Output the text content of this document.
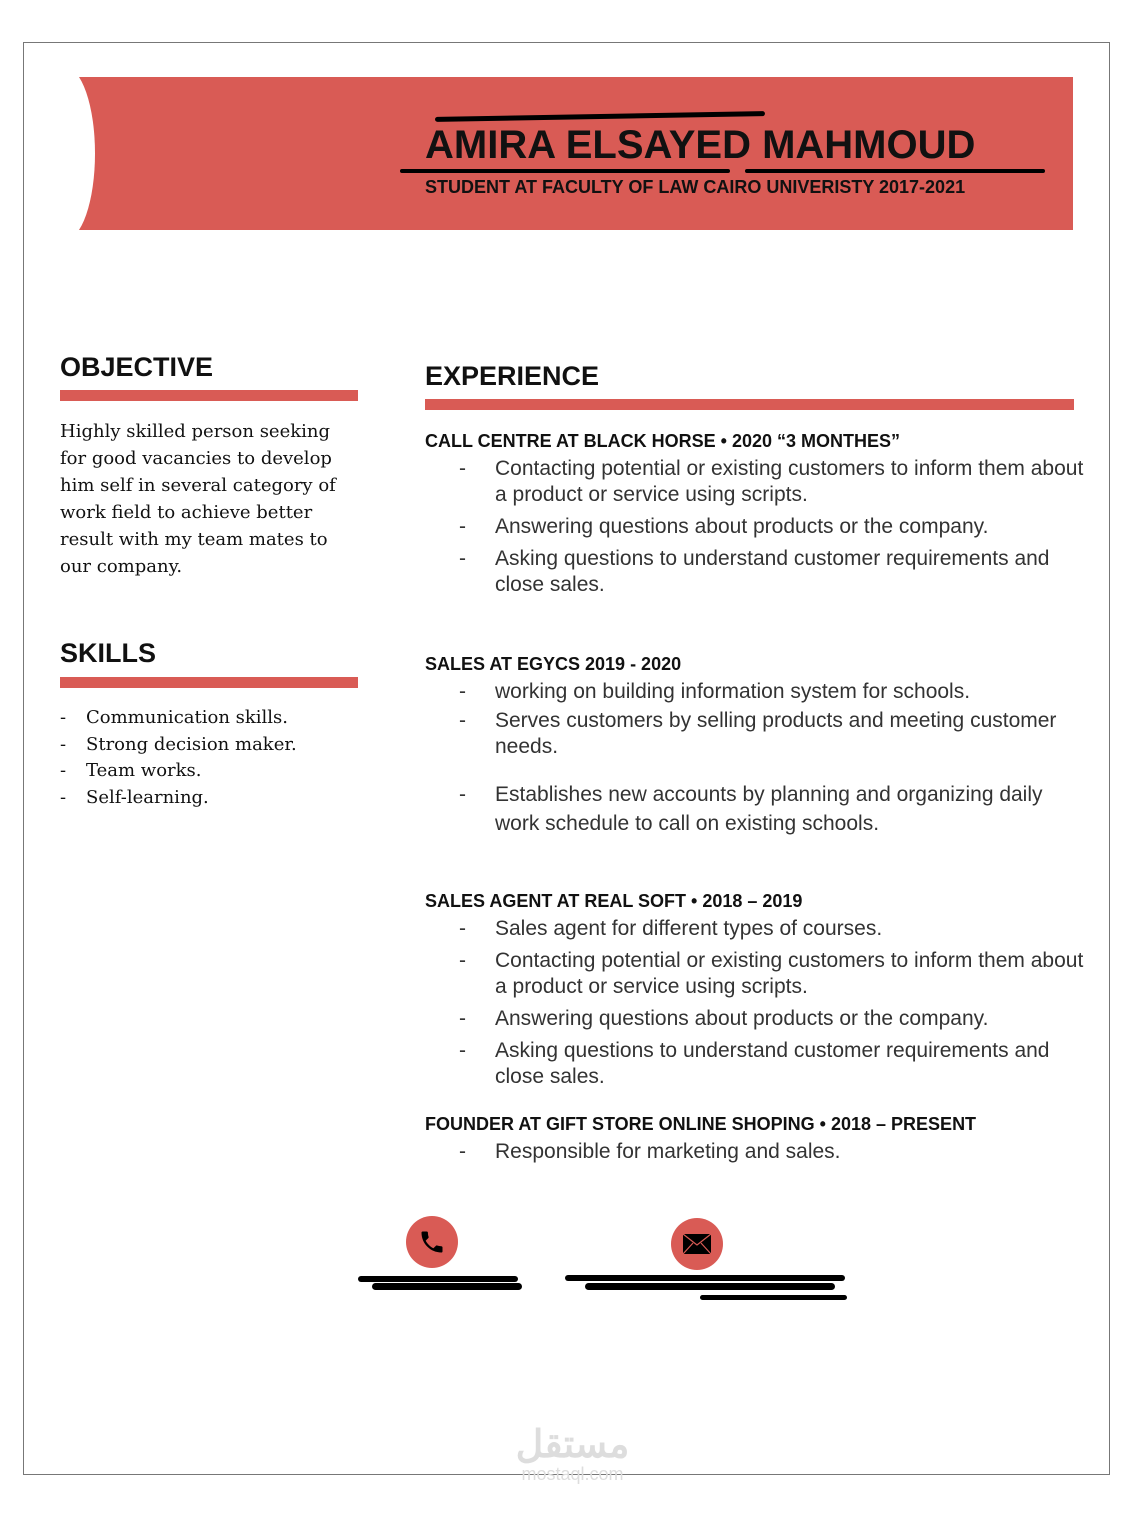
AMIRA ELSAYED MAHMOUD
STUDENT AT FACULTY OF LAW CAIRO UNIVERISTY 2017-2021
OBJECTIVE
Highly skilled person seeking for good vacancies to develop him self in several category of work field to achieve better result with my team mates to our company.
SKILLS
- Communication skills.
- Strong decision maker.
- Team works.
- Self-learning.
EXPERIENCE
CALL CENTRE AT BLACK HORSE • 2020 “3 MONTHES”
- Contacting potential or existing customers to inform them about a product or service using scripts.
- Answering questions about products or the company.
- Asking questions to understand customer requirements and close sales.
SALES AT EGYCS 2019 - 2020
- working on building information system for schools.
- Serves customers by selling products and meeting customer needs.
- Establishes new accounts by planning and organizing daily work schedule to call on existing schools.
SALES AGENT AT REAL SOFT • 2018 – 2019
- Sales agent for different types of courses.
- Contacting potential or existing customers to inform them about a product or service using scripts.
- Answering questions about products or the company.
- Asking questions to understand customer requirements and close sales.
FOUNDER AT GIFT STORE ONLINE SHOPING • 2018 – PRESENT
- Responsible for marketing and sales.
مستقل
mostaql.com
